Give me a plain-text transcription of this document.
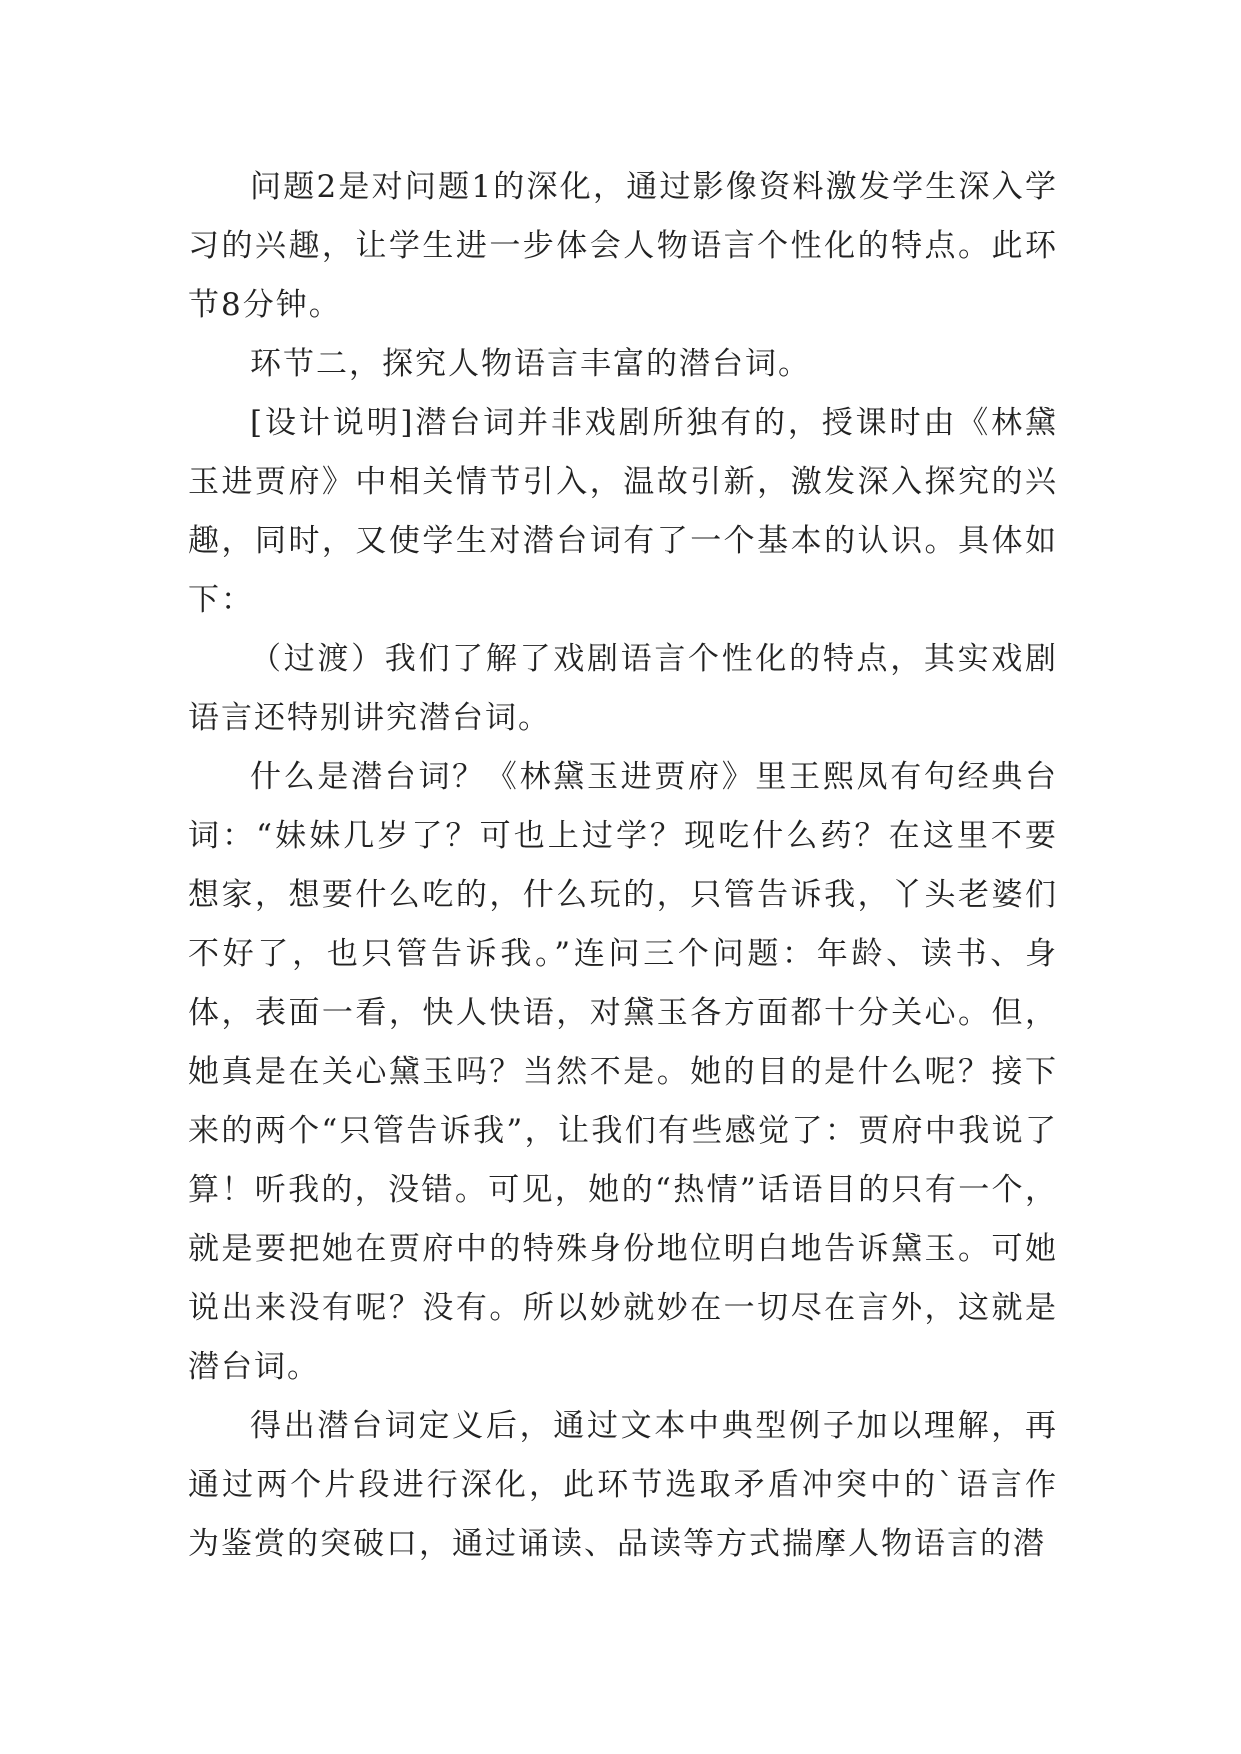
问题2是对问题1的深化，通过影像资料激发学生深入学习的兴趣，让学生进一步体会人物语言个性化的特点。此环节8分钟。

环节二，探究人物语言丰富的潜台词。

[设计说明]潜台词并非戏剧所独有的，授课时由《林黛玉进贾府》中相关情节引入，温故引新，激发深入探究的兴趣，同时，又使学生对潜台词有了一个基本的认识。具体如下：

（过渡）我们了解了戏剧语言个性化的特点，其实戏剧语言还特别讲究潜台词。

什么是潜台词？《林黛玉进贾府》里王熙凤有句经典台词：“妹妹几岁了？可也上过学？现吃什么药？在这里不要想家，想要什么吃的，什么玩的，只管告诉我，丫头老婆们不好了，也只管告诉我。”连问三个问题：年龄、读书、身体，表面一看，快人快语，对黛玉各方面都十分关心。但，她真是在关心黛玉吗？当然不是。她的目的是什么呢？接下来的两个“只管告诉我”，让我们有些感觉了：贾府中我说了算！听我的，没错。可见，她的“热情”话语目的只有一个，就是要把她在贾府中的特殊身份地位明白地告诉黛玉。可她说出来没有呢？没有。所以妙就妙在一切尽在言外，这就是潜台词。

得出潜台词定义后，通过文本中典型例子加以理解，再通过两个片段进行深化，此环节选取矛盾冲突中的`语言作为鉴赏的突破口，通过诵读、品读等方式揣摩人物语言的潜
